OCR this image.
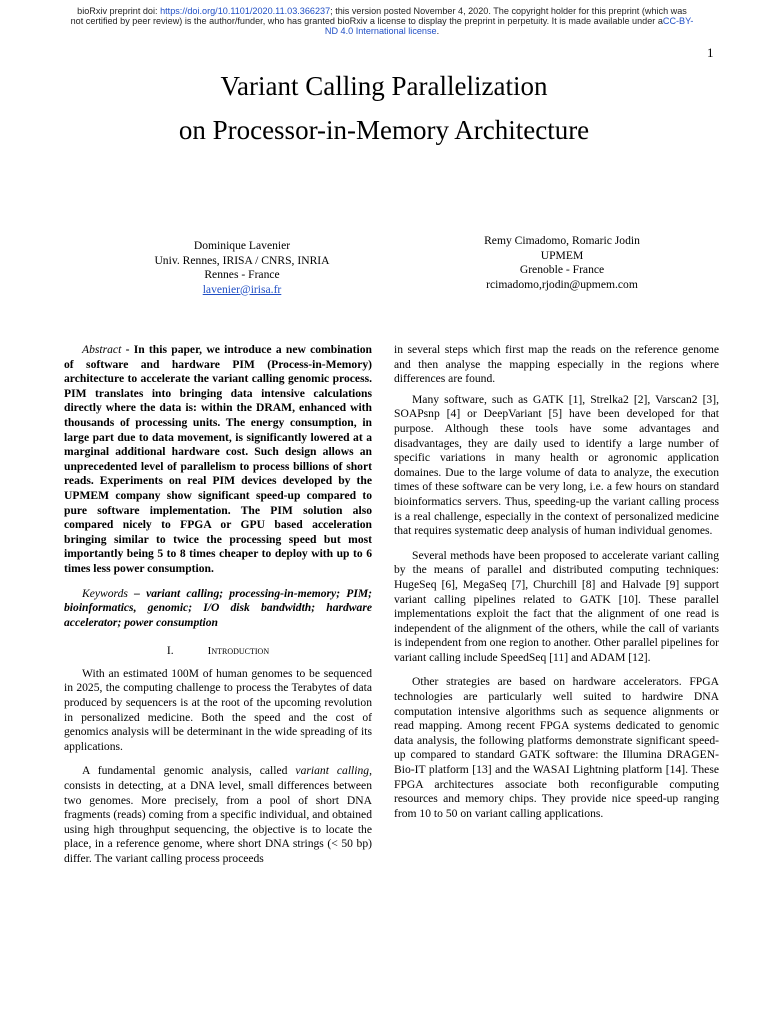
bioRxiv preprint doi: https://doi.org/10.1101/2020.11.03.366237; this version posted November 4, 2020. The copyright holder for this preprint (which was not certified by peer review) is the author/funder, who has granted bioRxiv a license to display the preprint in perpetuity. It is made available under aCC-BY-ND 4.0 International license.
1
Variant Calling Parallelization
on Processor-in-Memory Architecture
Dominique Lavenier
Univ. Rennes, IRISA / CNRS, INRIA
Rennes - France
lavenier@irisa.fr
Remy Cimadomo, Romaric Jodin
UPMEM
Grenoble - France
rcimadomo,rjodin@upmem.com

Abstract - In this paper, we introduce a new combination of software and hardware PIM (Process-in-Memory) architecture to accelerate the variant calling genomic process. PIM translates into bringing data intensive calculations directly where the data is: within the DRAM, enhanced with thousands of processing units. The energy consumption, in large part due to data movement, is significantly lowered at a marginal additional hardware cost. Such design allows an unprecedented level of parallelism to process billions of short reads. Experiments on real PIM devices developed by the UPMEM company show significant speed-up compared to pure software implementation. The PIM solution also compared nicely to FPGA or GPU based acceleration bringing similar to twice the processing speed but most importantly being 5 to 8 times cheaper to deploy with up to 6 times less power consumption.

Keywords – variant calling; processing-in-memory; PIM; bioinformatics, genomic; I/O disk bandwidth; hardware accelerator; power consumption

I.	Introduction

With an estimated 100M of human genomes to be sequenced in 2025, the computing challenge to process the Terabytes of data produced by sequencers is at the root of the upcoming revolution in personalized medicine. Both the speed and the cost of genomics analysis will be determinant in the wide spreading of its applications.

A fundamental genomic analysis, called variant calling, consists in detecting, at a DNA level, small differences between two genomes. More precisely, from a pool of short DNA fragments (reads) coming from a specific individual, and obtained using high throughput sequencing, the objective is to locate the place, in a reference genome, where short DNA strings (< 50 bp) differ. The variant calling process proceeds

in several steps which first map the reads on the reference genome and then analyse the mapping especially in the regions where differences are found.

Many software, such as GATK [1], Strelka2 [2], Varscan2 [3], SOAPsnp [4] or DeepVariant [5] have been developed for that purpose. Although these tools have some advantages and disadvantages, they are daily used to identify a large number of specific variations in many health or agronomic application domaines. Due to the large volume of data to analyze, the execution times of these software can be very long, i.e. a few hours on standard bioinformatics servers. Thus, speeding-up the variant calling process is a real challenge, especially in the context of personalized medicine that requires systematic deep analysis of human individual genomes.

Several methods have been proposed to accelerate variant calling by the means of parallel and distributed computing techniques: HugeSeq [6], MegaSeq [7], Churchill [8] and Halvade [9] support variant calling pipelines related to GATK [10]. These parallel implementations exploit the fact that the alignment of one read is independent of the alignment of the others, while the call of variants is independent from one region to another. Other parallel pipelines for variant calling include SpeedSeq [11] and ADAM [12].

Other strategies are based on hardware accelerators. FPGA technologies are particularly well suited to hardwire DNA computation intensive algorithms such as sequence alignments or read mapping. Among recent FPGA systems dedicated to genomic data analysis, the following platforms demonstrate significant speed-up compared to standard GATK software: the Illumina DRAGEN-Bio-IT platform [13] and the WASAI Lightning platform [14]. These FPGA architectures associate both reconfigurable computing resources and memory chips. They provide nice speed-up ranging from 10 to 50 on variant calling applications.
